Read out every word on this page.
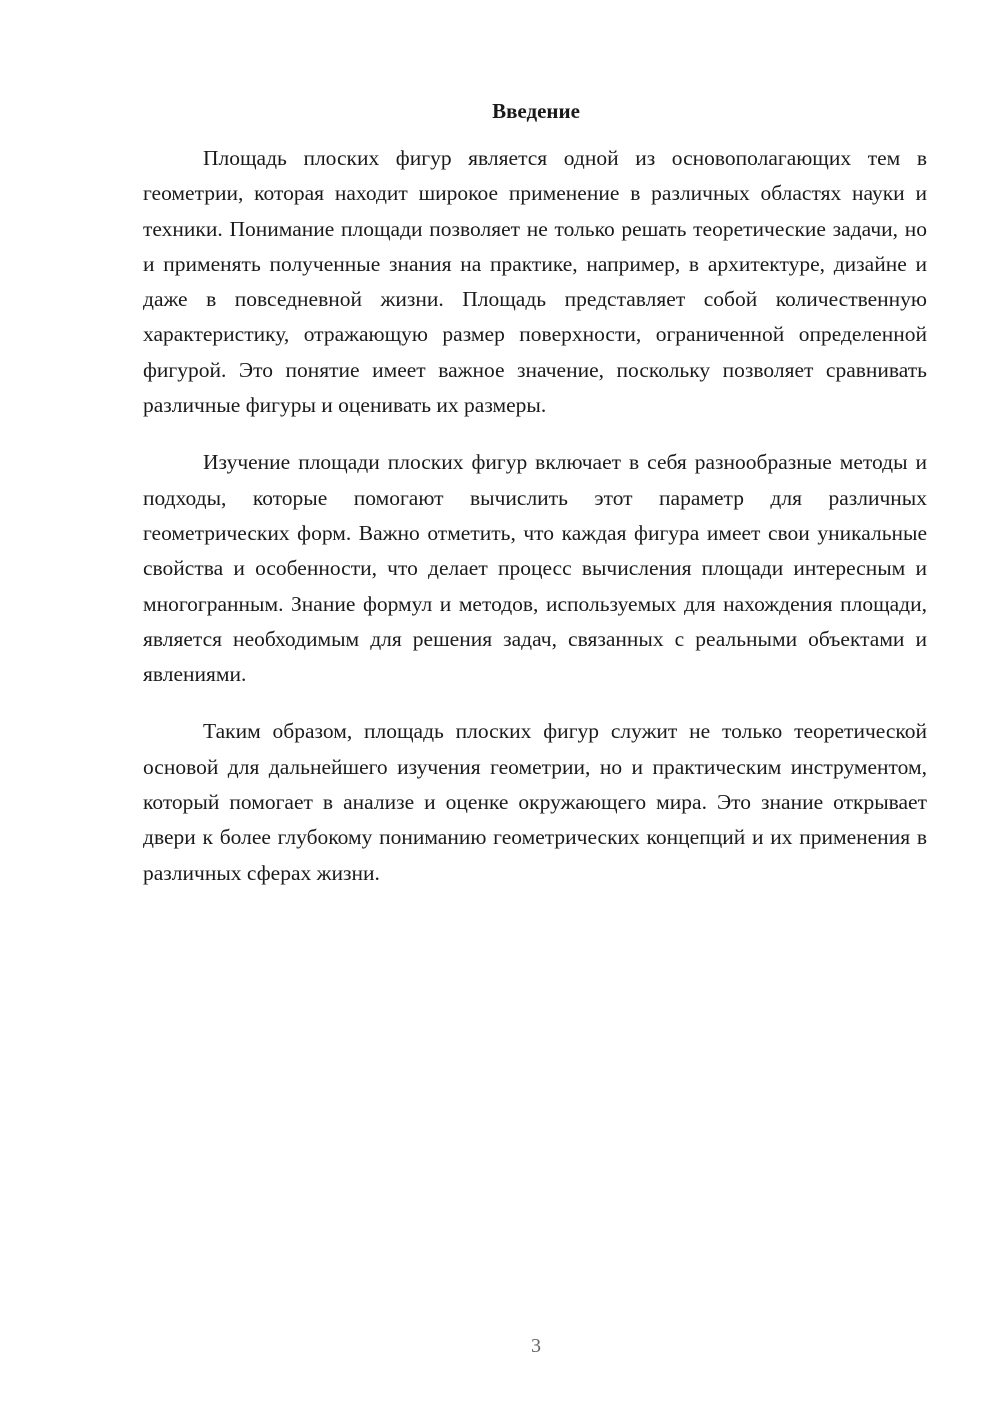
Введение

Площадь плоских фигур является одной из основополагающих тем в геометрии, которая находит широкое применение в различных областях науки и техники. Понимание площади позволяет не только решать теоретические задачи, но и применять полученные знания на практике, например, в архитектуре, дизайне и даже в повседневной жизни. Площадь представляет собой количественную характеристику, отражающую размер поверхности, ограниченной определенной фигурой. Это понятие имеет важное значение, поскольку позволяет сравнивать различные фигуры и оценивать их размеры.

Изучение площади плоских фигур включает в себя разнообразные методы и подходы, которые помогают вычислить этот параметр для различных геометрических форм. Важно отметить, что каждая фигура имеет свои уникальные свойства и особенности, что делает процесс вычисления площади интересным и многогранным. Знание формул и методов, используемых для нахождения площади, является необходимым для решения задач, связанных с реальными объектами и явлениями.

Таким образом, площадь плоских фигур служит не только теоретической основой для дальнейшего изучения геометрии, но и практическим инструментом, который помогает в анализе и оценке окружающего мира. Это знание открывает двери к более глубокому пониманию геометрических концепций и их применения в различных сферах жизни.

3
